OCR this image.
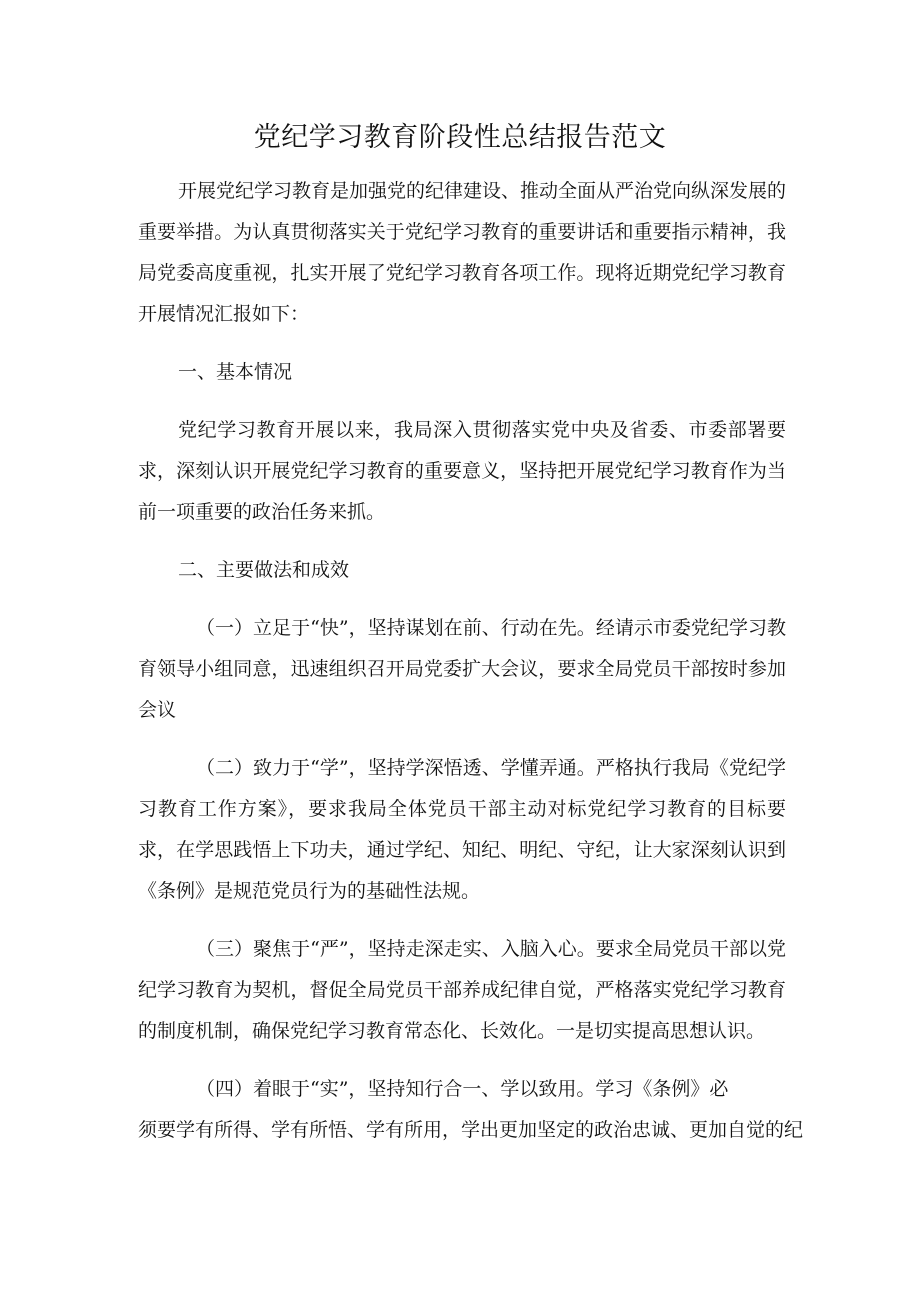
党纪学习教育阶段性总结报告范文

开展党纪学习教育是加强党的纪律建设、推动全面从严治党向纵深发展的重要举措。为认真贯彻落实关于党纪学习教育的重要讲话和重要指示精神，我局党委高度重视，扎实开展了党纪学习教育各项工作。现将近期党纪学习教育开展情况汇报如下：

一、基本情况

党纪学习教育开展以来，我局深入贯彻落实党中央及省委、市委部署要求，深刻认识开展党纪学习教育的重要意义，坚持把开展党纪学习教育作为当前一项重要的政治任务来抓。

二、主要做法和成效

（一）立足于“快”，坚持谋划在前、行动在先。经请示市委党纪学习教育领导小组同意，迅速组织召开局党委扩大会议，要求全局党员干部按时参加会议

（二）致力于“学”，坚持学深悟透、学懂弄通。严格执行我局《党纪学习教育工作方案》，要求我局全体党员干部主动对标党纪学习教育的目标要求，在学思践悟上下功夫，通过学纪、知纪、明纪、守纪，让大家深刻认识到《条例》是规范党员行为的基础性法规。

（三）聚焦于“严”，坚持走深走实、入脑入心。要求全局党员干部以党纪学习教育为契机，督促全局党员干部养成纪律自觉，严格落实党纪学习教育的制度机制，确保党纪学习教育常态化、长效化。一是切实提高思想认识。

（四）着眼于“实”，坚持知行合一、学以致用。学习《条例》必

须要学有所得、学有所悟、学有所用，学出更加坚定的政治忠诚、更加自觉的纪
